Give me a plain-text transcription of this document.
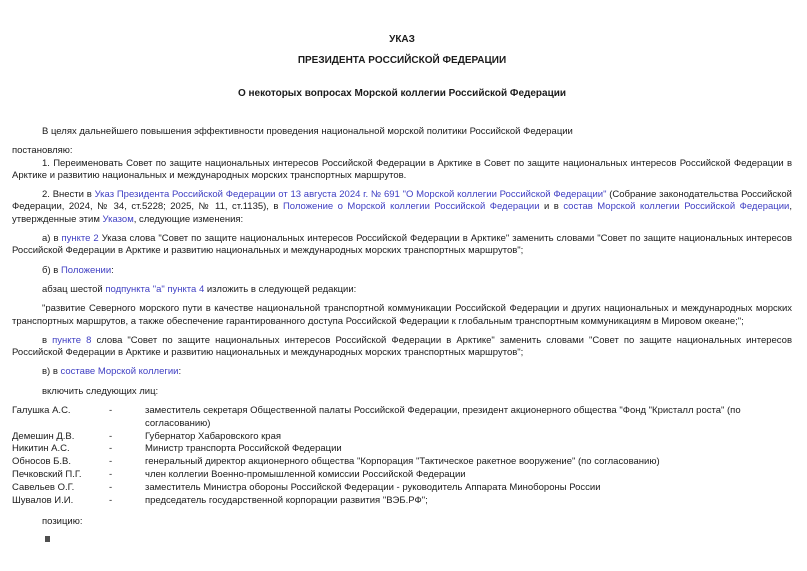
УКАЗ
ПРЕЗИДЕНТА РОССИЙСКОЙ ФЕДЕРАЦИИ
О некоторых вопросах Морской коллегии Российской Федерации
В целях дальнейшего повышения эффективности проведения национальной морской политики Российской Федерации
постановляю:
1. Переименовать Совет по защите национальных интересов Российской Федерации в Арктике в Совет по защите национальных интересов Российской Федерации в Арктике и развитию национальных и международных морских транспортных маршрутов.
2. Внести в Указ Президента Российской Федерации от 13 августа 2024 г. № 691 "О Морской коллегии Российской Федерации" (Собрание законодательства Российской Федерации, 2024, № 34, ст.5228; 2025, № 11, ст.1135), в Положение о Морской коллегии Российской Федерации и в состав Морской коллегии Российской Федерации, утвержденные этим Указом, следующие изменения:
а) в пункте 2 Указа слова "Совет по защите национальных интересов Российской Федерации в Арктике" заменить словами "Совет по защите национальных интересов Российской Федерации в Арктике и развитию национальных и международных морских транспортных маршрутов";
б) в Положении:
абзац шестой подпункта "а" пункта 4 изложить в следующей редакции:
"развитие Северного морского пути в качестве национальной транспортной коммуникации Российской Федерации и других национальных и международных морских транспортных маршрутов, а также обеспечение гарантированного доступа Российской Федерации к глобальным транспортным коммуникациям в Мировом океане;";
в пункте 8 слова "Совет по защите национальных интересов Российской Федерации в Арктике" заменить словами "Совет по защите национальных интересов Российской Федерации в Арктике и развитию национальных и международных морских транспортных маршрутов";
в) в составе Морской коллегии:
включить следующих лиц:
Галушка А.С.	-	заместитель секретаря Общественной палаты Российской Федерации, президент акционерного общества "Фонд "Кристалл роста" (по согласованию)
Демешин Д.В.	-	Губернатор Хабаровского края
Никитин А.С.	-	Министр транспорта Российской Федерации
Обносов Б.В.	-	генеральный директор акционерного общества "Корпорация "Тактическое ракетное вооружение" (по согласованию)
Печковский П.Г.	-	член коллегии Военно-промышленной комиссии Российской Федерации
Савельев О.Г.	-	заместитель Министра обороны Российской Федерации - руководитель Аппарата Минобороны России
Шувалов И.И.	-	председатель государственной корпорации развития "ВЭБ.РФ";
позицию:
